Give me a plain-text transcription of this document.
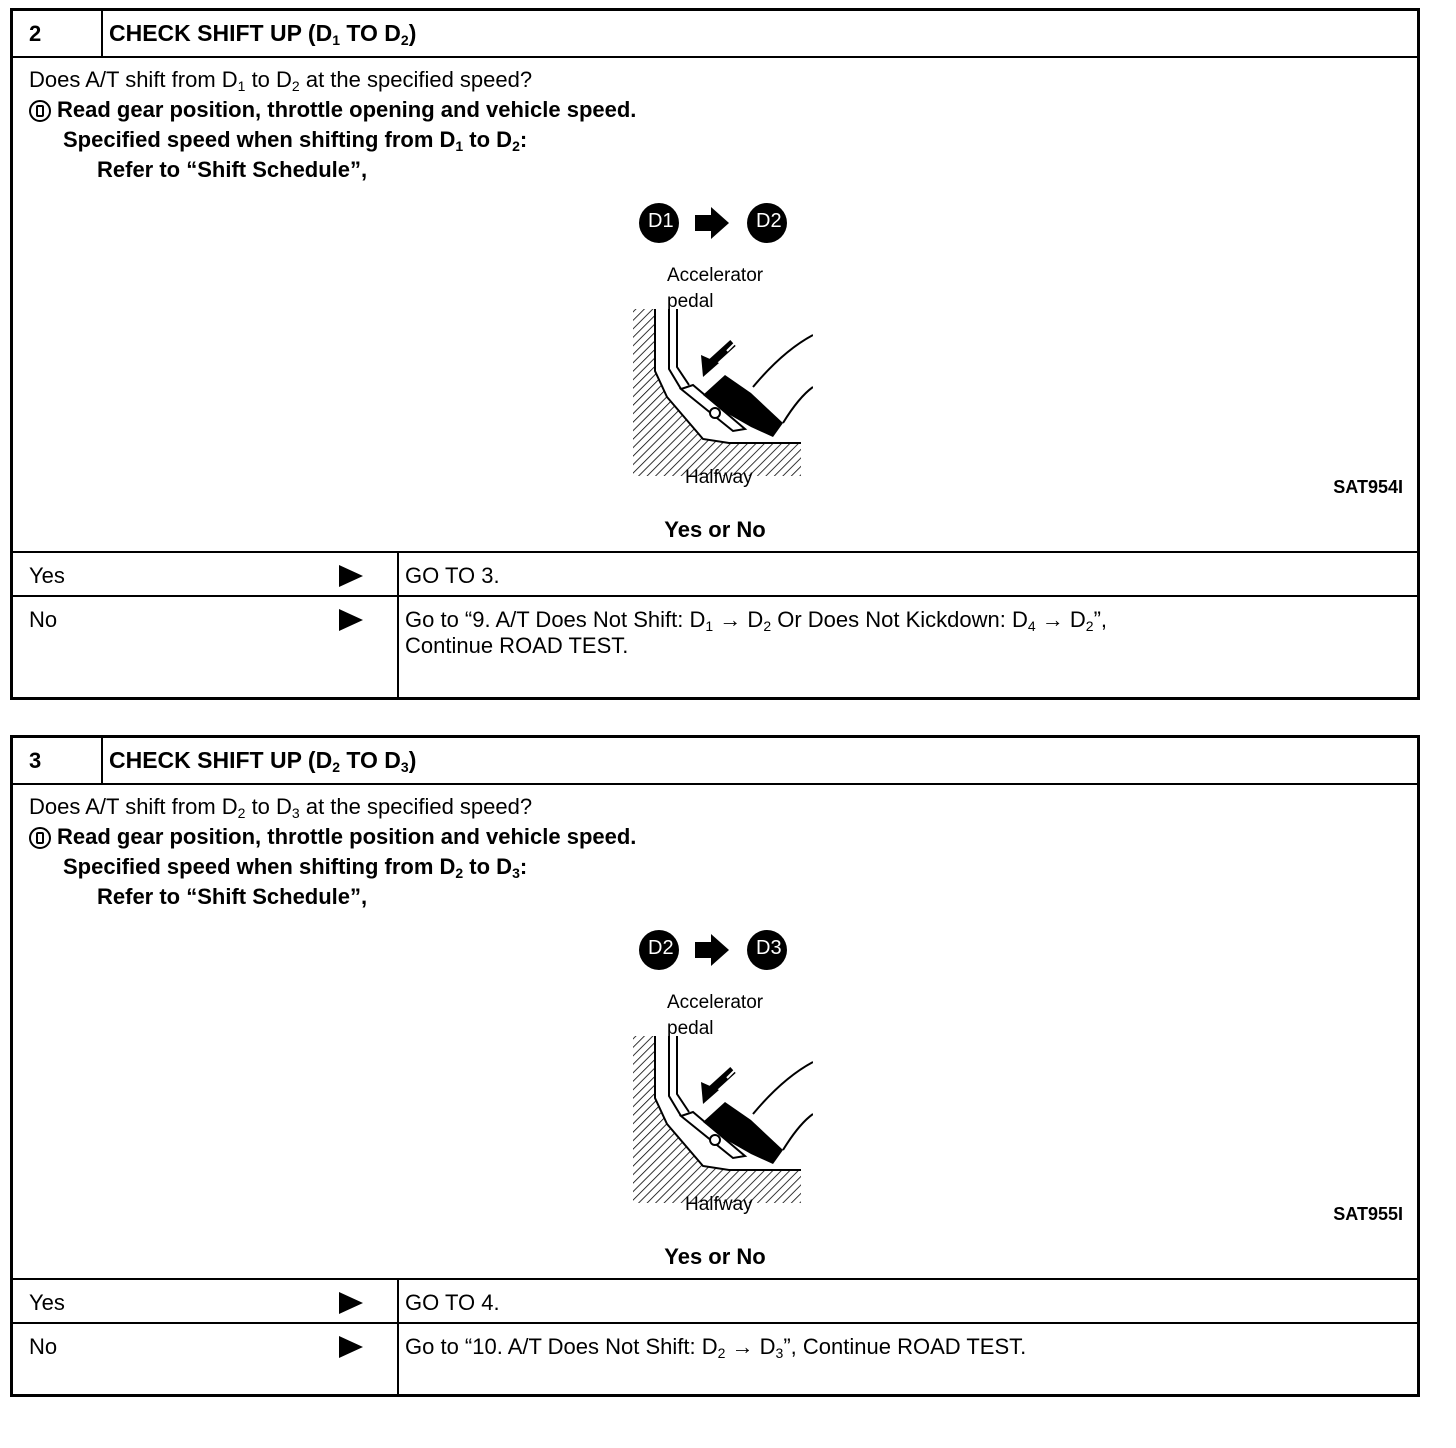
2	CHECK SHIFT UP ($D_1$ TO $D_2$)
Does A/T shift from $D_1$ to $D_2$ at the specified speed?
Read gear position, throttle opening and vehicle speed.
Specified speed when shifting from $D_1$ to $D_2$:
Refer to “Shift Schedule”,
D1	D2
Accelerator
pedal
Halfway	SAT954I
Yes or No
Yes	GO TO 3.
No	Go to “9. A/T Does Not Shift: $D_1 \to D_2$ Or Does Not Kickdown: $D_4 \to D_2$”,
Continue ROAD TEST.
3	CHECK SHIFT UP ($D_2$ TO $D_3$)
Does A/T shift from $D_2$ to $D_3$ at the specified speed?
Read gear position, throttle position and vehicle speed.
Specified speed when shifting from $D_2$ to $D_3$:
Refer to “Shift Schedule”,
D2	D3
Accelerator
pedal
Halfway	SAT955I
Yes or No
Yes	GO TO 4.
No	Go to “10. A/T Does Not Shift: $D_2 \to D_3$”, Continue ROAD TEST.
